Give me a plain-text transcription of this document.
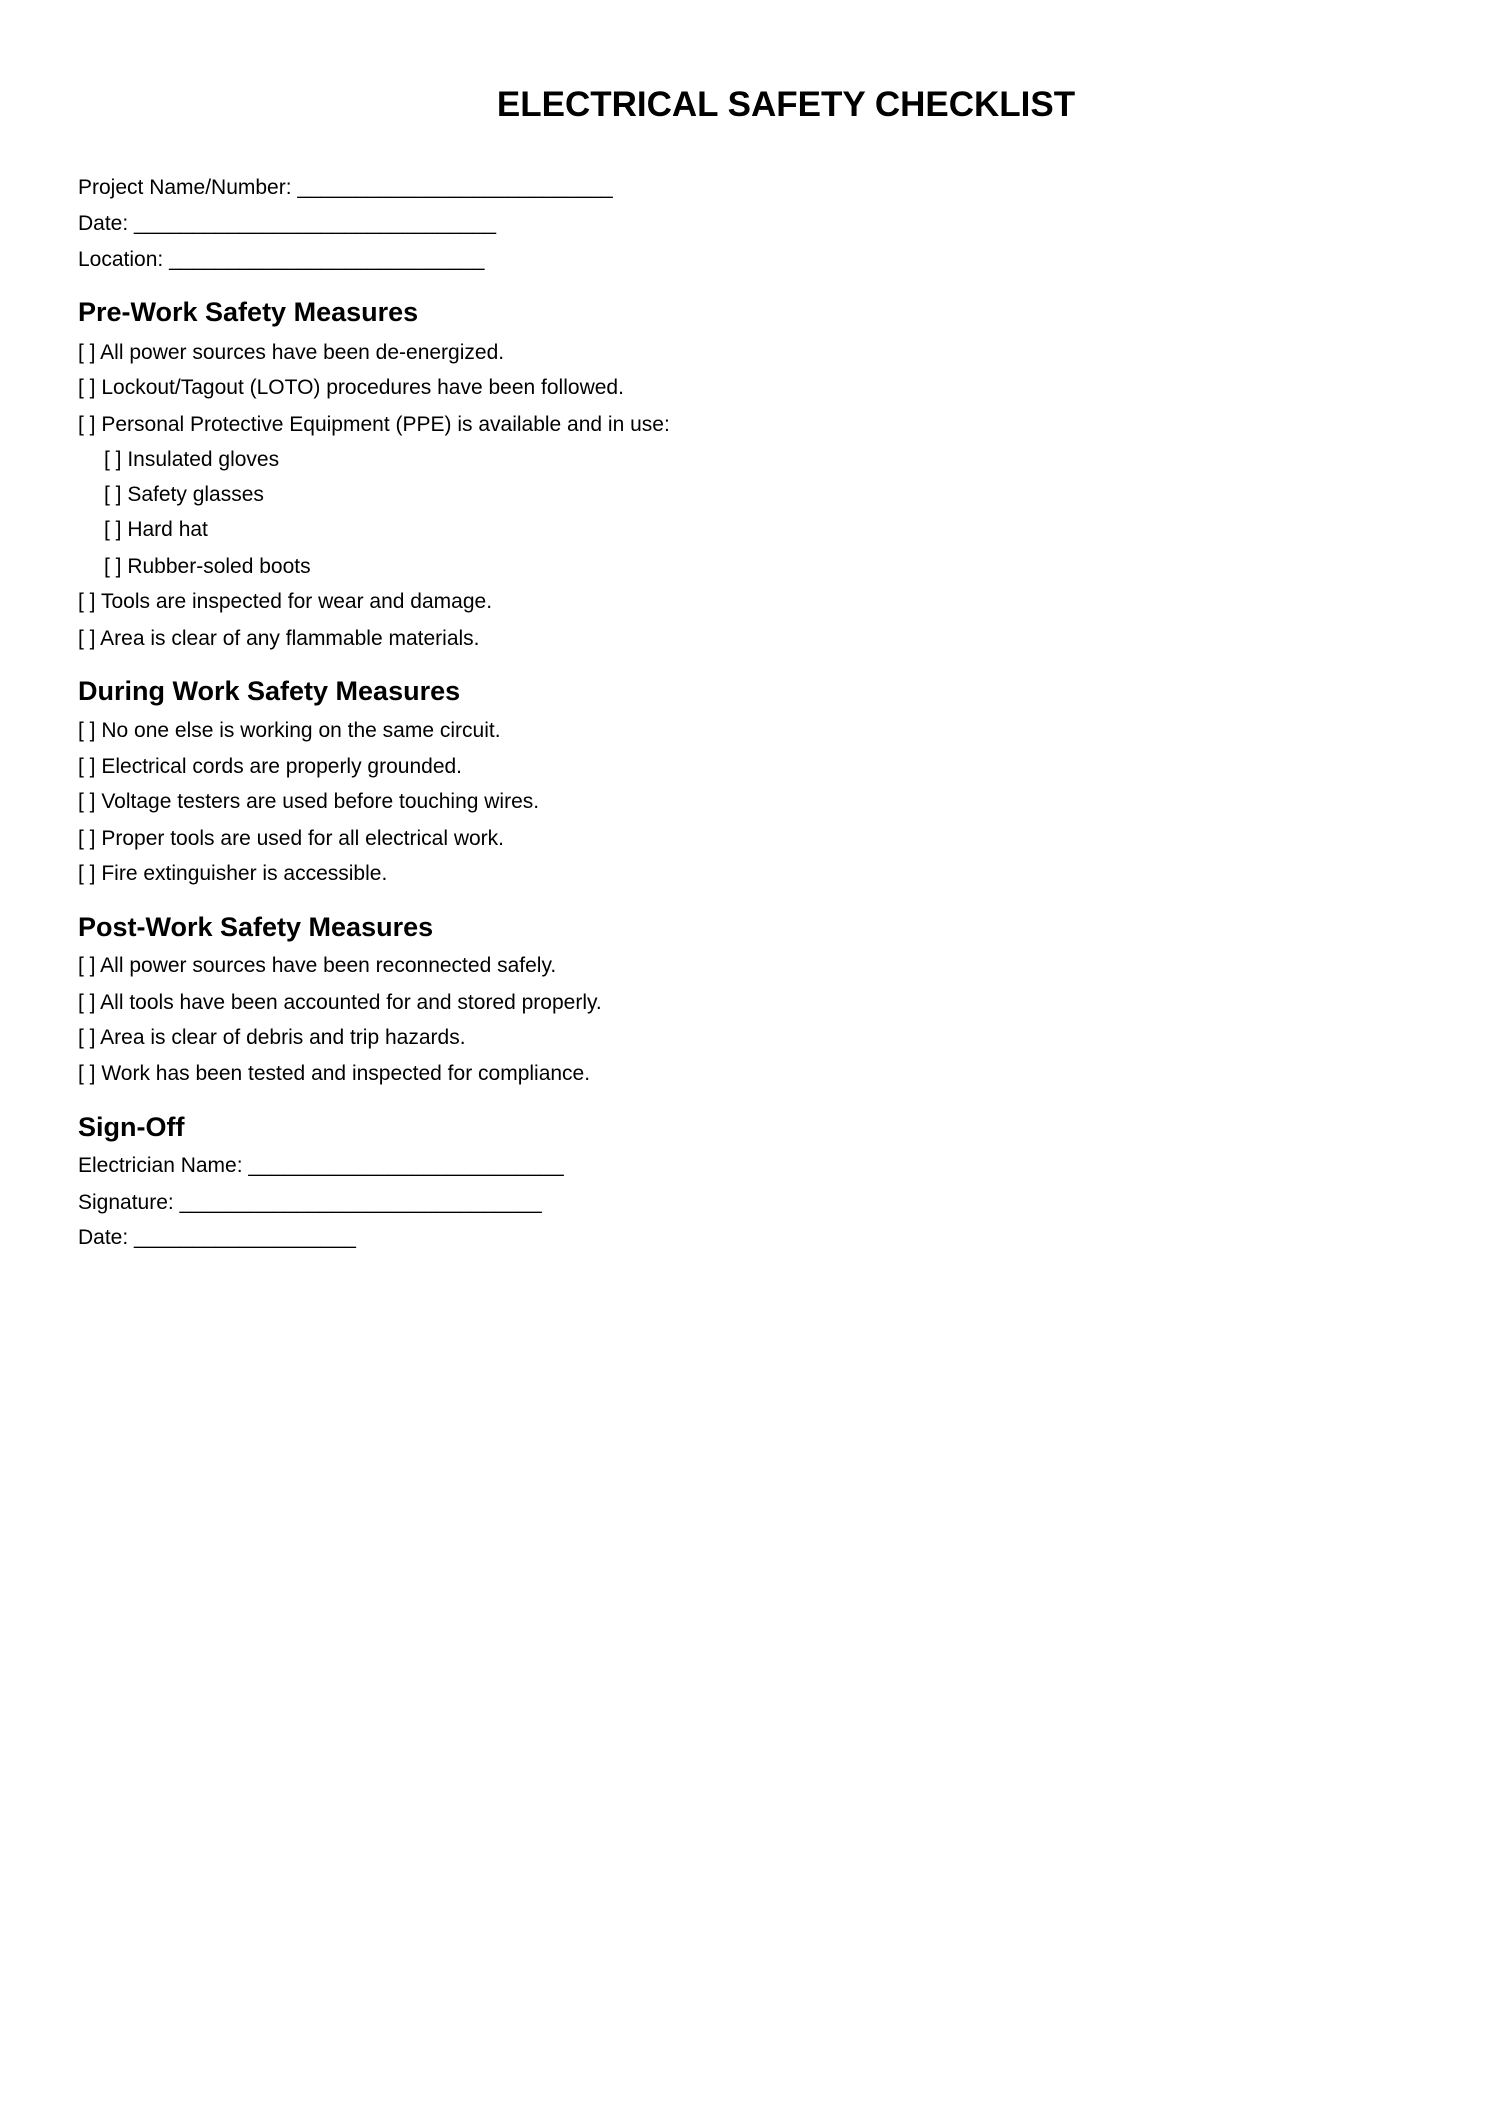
ELECTRICAL SAFETY CHECKLIST
Project Name/Number: ___________________________
Date: _______________________________
Location: ___________________________
Pre-Work Safety Measures
[ ] All power sources have been de-energized.
[ ] Lockout/Tagout (LOTO) procedures have been followed.
[ ] Personal Protective Equipment (PPE) is available and in use:
[ ] Insulated gloves
[ ] Safety glasses
[ ] Hard hat
[ ] Rubber-soled boots
[ ] Tools are inspected for wear and damage.
[ ] Area is clear of any flammable materials.
During Work Safety Measures
[ ] No one else is working on the same circuit.
[ ] Electrical cords are properly grounded.
[ ] Voltage testers are used before touching wires.
[ ] Proper tools are used for all electrical work.
[ ] Fire extinguisher is accessible.
Post-Work Safety Measures
[ ] All power sources have been reconnected safely.
[ ] All tools have been accounted for and stored properly.
[ ] Area is clear of debris and trip hazards.
[ ] Work has been tested and inspected for compliance.
Sign-Off
Electrician Name: ___________________________
Signature: _______________________________
Date: ___________________
